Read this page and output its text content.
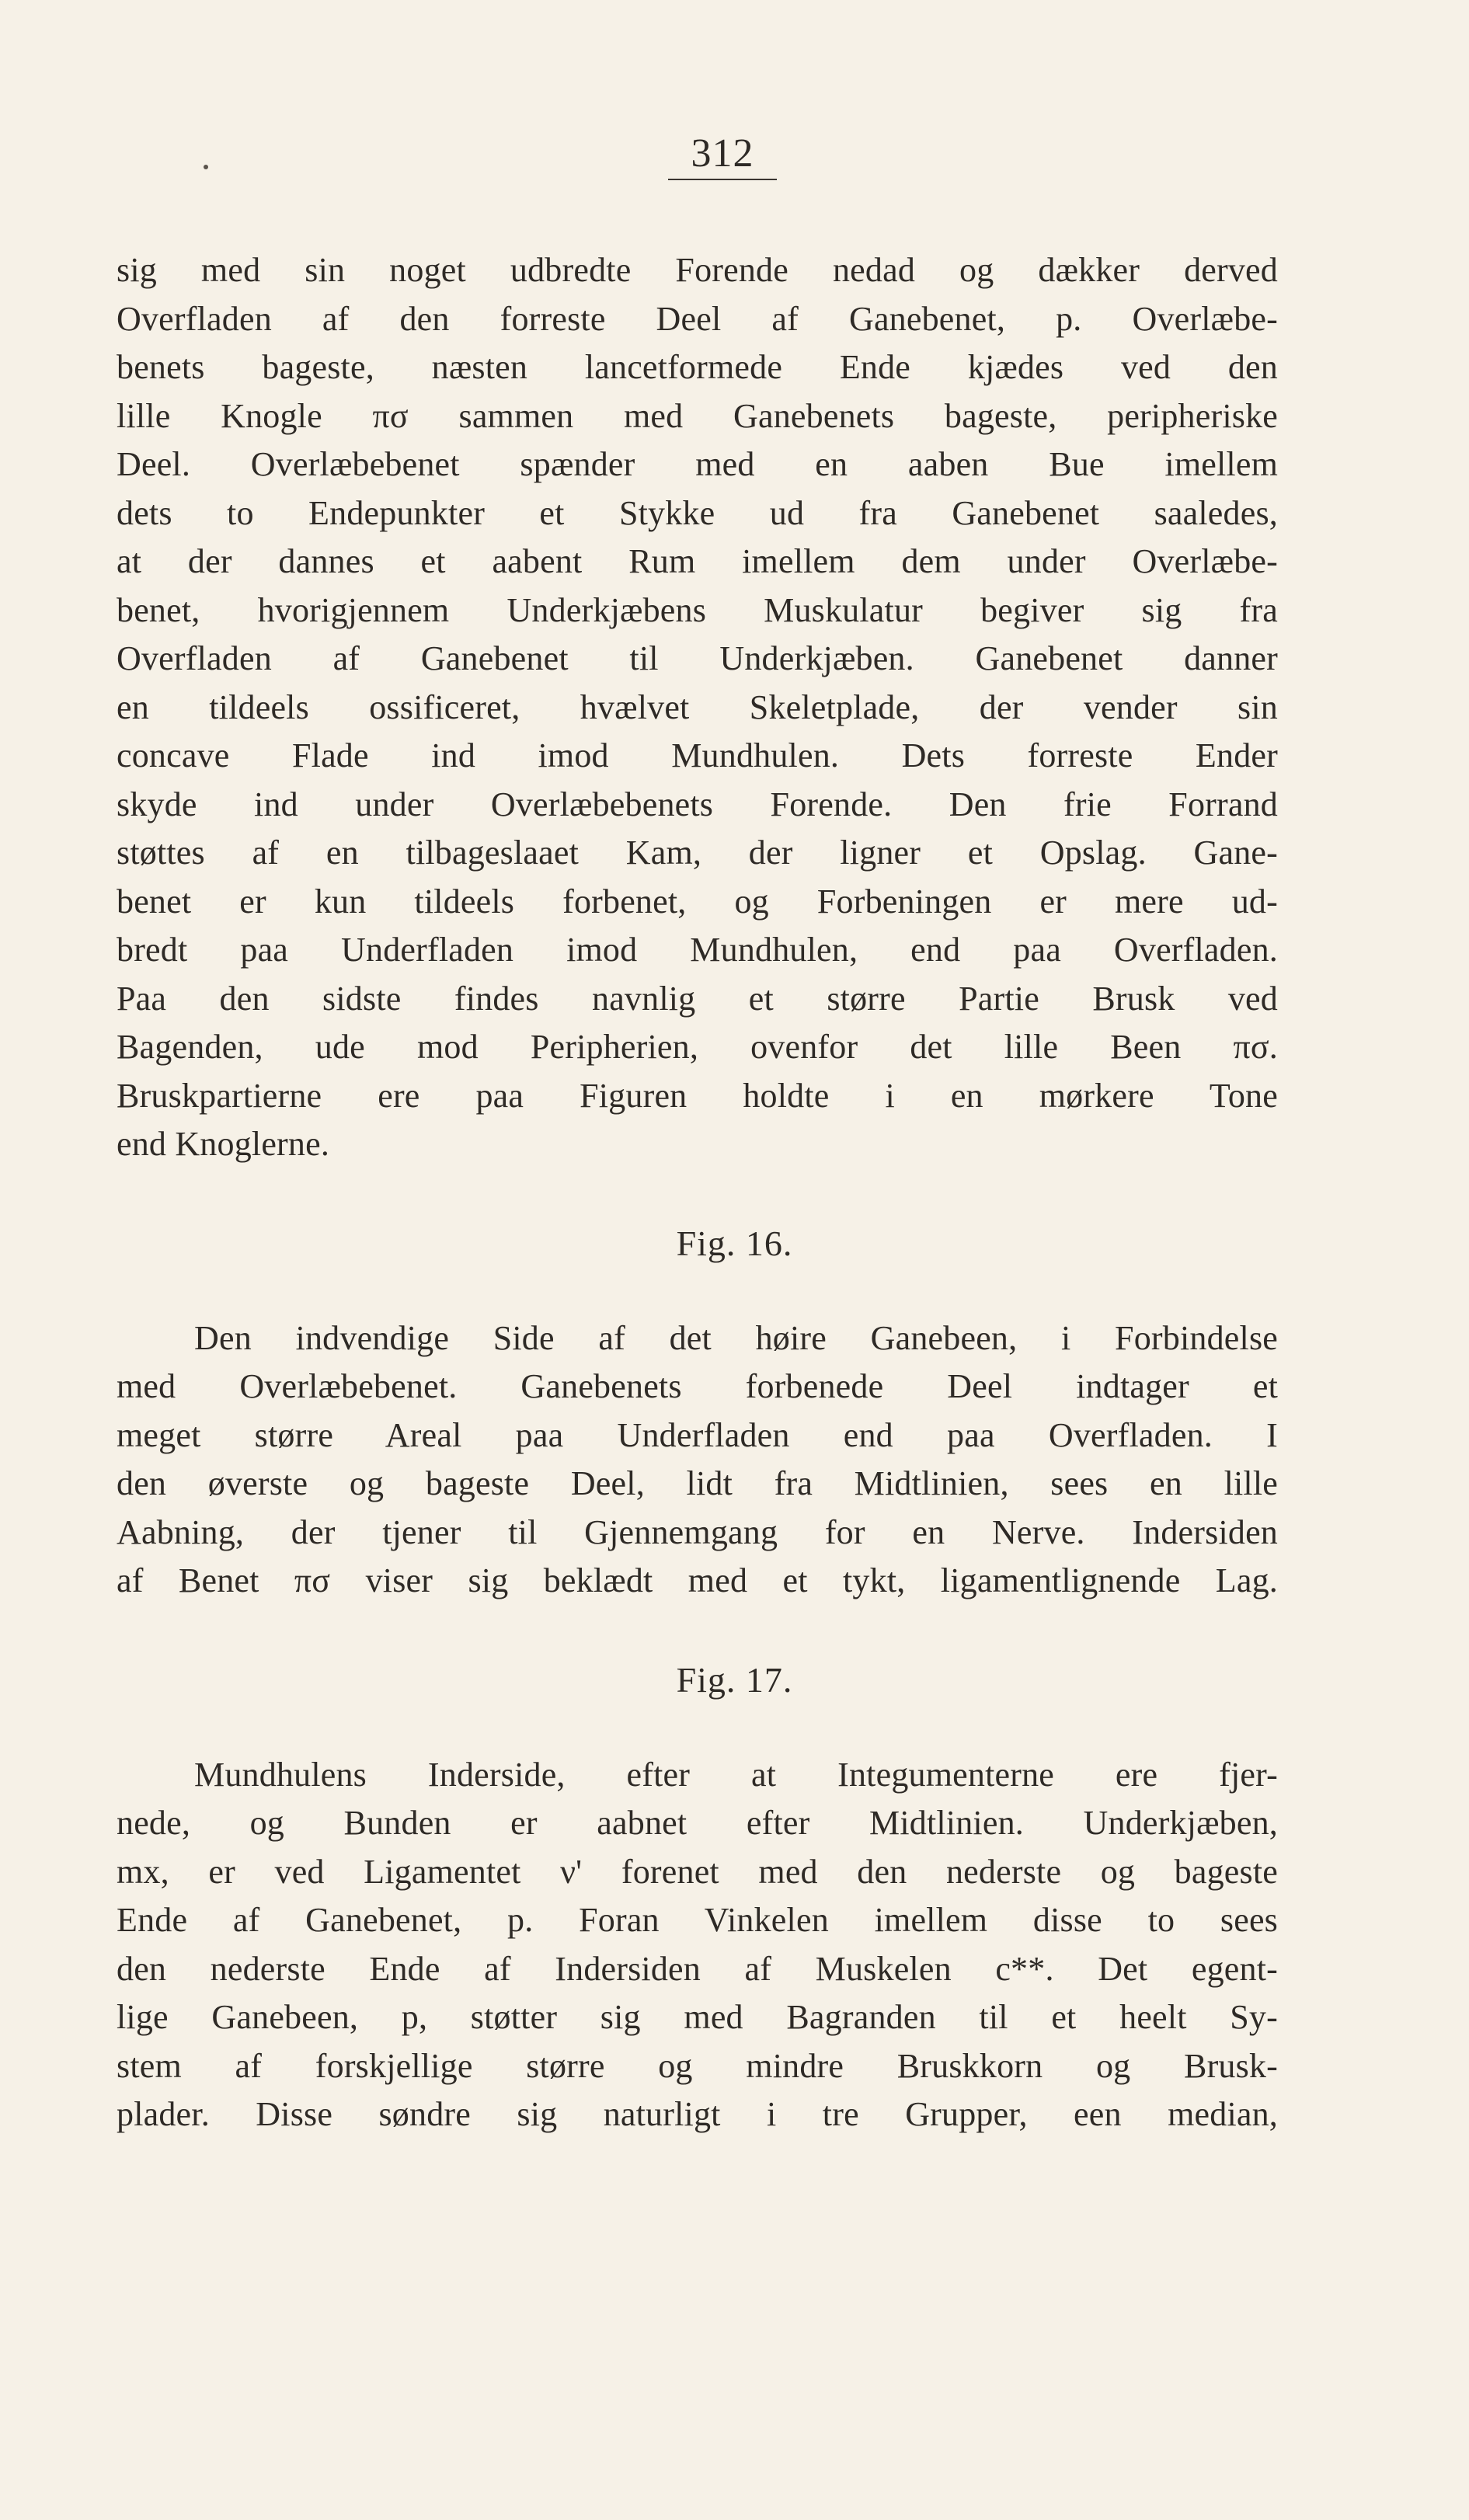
312
sig med sin noget udbredte Forende nedad og dækker derved
Overfladen af den forreste Deel af Ganebenet, p. Overlæbe-
benets bageste, næsten lancetformede Ende kjædes ved den
lille Knogle πσ sammen med Ganebenets bageste, peripheriske
Deel. Overlæbebenet spænder med en aaben Bue imellem
dets to Endepunkter et Stykke ud fra Ganebenet saaledes,
at der dannes et aabent Rum imellem dem under Overlæbe-
benet, hvorigjennem Underkjæbens Muskulatur begiver sig fra
Overfladen af Ganebenet til Underkjæben. Ganebenet danner
en tildeels ossificeret, hvælvet Skeletplade, der vender sin
concave Flade ind imod Mundhulen. Dets forreste Ender
skyde ind under Overlæbebenets Forende. Den frie Forrand
støttes af en tilbageslaaet Kam, der ligner et Opslag. Gane-
benet er kun tildeels forbenet, og Forbeningen er mere ud-
bredt paa Underfladen imod Mundhulen, end paa Overfladen.
Paa den sidste findes navnlig et større Partie Brusk ved
Bagenden, ude mod Peripherien, ovenfor det lille Been πσ.
Bruskpartierne ere paa Figuren holdte i en mørkere Tone
end Knoglerne.
Fig. 16.
Den indvendige Side af det høire Ganebeen, i Forbindelse
med Overlæbebenet. Ganebenets forbenede Deel indtager et
meget større Areal paa Underfladen end paa Overfladen. I
den øverste og bageste Deel, lidt fra Midtlinien, sees en lille
Aabning, der tjener til Gjennemgang for en Nerve. Indersiden
af Benet πσ viser sig beklædt med et tykt, ligamentlignende Lag.
Fig. 17.
Mundhulens Inderside, efter at Integumenterne ere fjer-
nede, og Bunden er aabnet efter Midtlinien. Underkjæben,
mx, er ved Ligamentet ν' forenet med den nederste og bageste
Ende af Ganebenet, p. Foran Vinkelen imellem disse to sees
den nederste Ende af Indersiden af Muskelen c**. Det egent-
lige Ganebeen, p, støtter sig med Bagranden til et heelt Sy-
stem af forskjellige større og mindre Bruskkorn og Brusk-
plader. Disse søndre sig naturligt i tre Grupper, een median,
